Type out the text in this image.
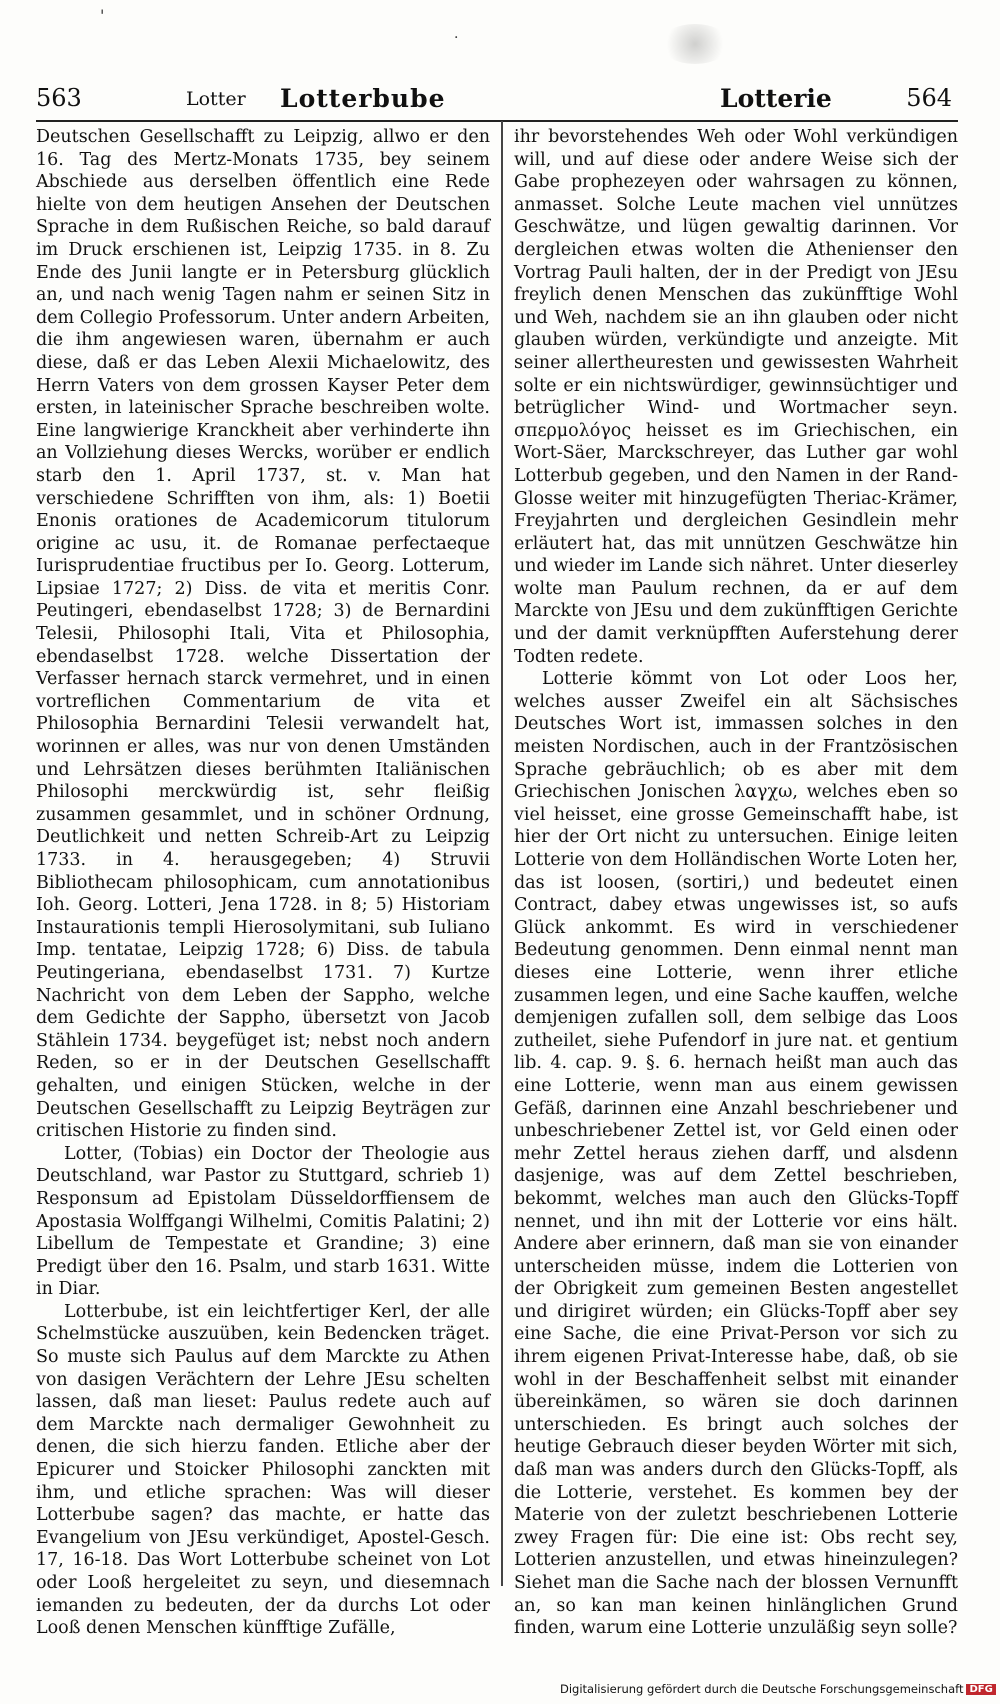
'
·
563	Lotter Lotterbube	Lotterie	564

Deutschen Gesellschafft zu Leipzig, allwo er den 16. Tag des Mertz-Monats 1735, bey seinem Abschiede aus derselben öffentlich eine Rede hielte von dem heutigen Ansehen der Deutschen Sprache in dem Rußischen Reiche, so bald darauf im Druck erschienen ist, Leipzig 1735. in 8. Zu Ende des Junii langte er in Petersburg glücklich an, und nach wenig Tagen nahm er seinen Sitz in dem Collegio Professorum. Unter andern Arbeiten, die ihm angewiesen waren, übernahm er auch diese, daß er das Leben Alexii Michaelowitz, des Herrn Vaters von dem grossen Kayser Peter dem ersten, in lateinischer Sprache beschreiben wolte. Eine langwierige Kranckheit aber verhinderte ihn an Vollziehung dieses Wercks, worüber er endlich starb den 1. April 1737, st. v. Man hat verschiedene Schrifften von ihm, als: 1) Boetii Enonis orationes de Academicorum titulorum origine ac usu, it. de Romanae perfectaeque Iurisprudentiae fructibus per Io. Georg. Lotterum, Lipsiae 1727; 2) Diss. de vita et meritis Conr. Peutingeri, ebendaselbst 1728; 3) de Bernardini Telesii, Philosophi Itali, Vita et Philosophia, ebendaselbst 1728. welche Dissertation der Verfasser hernach starck vermehret, und in einen vortreflichen Commentarium de vita et Philosophia Bernardini Telesii verwandelt hat, worinnen er alles, was nur von denen Umständen und Lehrsätzen dieses berühmten Italiänischen Philosophi merckwürdig ist, sehr fleißig zusammen gesammlet, und in schöner Ordnung, Deutlichkeit und netten Schreib-Art zu Leipzig 1733. in 4. herausgegeben; 4) Struvii Bibliothecam philosophicam, cum annotationibus Ioh. Georg. Lotteri, Jena 1728. in 8; 5) Historiam Instaurationis templi Hierosolymitani, sub Iuliano Imp. tentatae, Leipzig 1728; 6) Diss. de tabula Peutingeriana, ebendaselbst 1731. 7) Kurtze Nachricht von dem Leben der Sappho, welche dem Gedichte der Sappho, übersetzt von Jacob Stählein 1734. beygefüget ist; nebst noch andern Reden, so er in der Deutschen Gesellschafft gehalten, und einigen Stücken, welche in der Deutschen Gesellschafft zu Leipzig Beyträgen zur critischen Historie zu finden sind.

Lotter, (Tobias) ein Doctor der Theologie aus Deutschland, war Pastor zu Stuttgard, schrieb 1) Responsum ad Epistolam Düsseldorffiensem de Apostasia Wolffgangi Wilhelmi, Comitis Palatini; 2) Libellum de Tempestate et Grandine; 3) eine Predigt über den 16. Psalm, und starb 1631. Witte in Diar.

Lotterbube, ist ein leichtfertiger Kerl, der alle Schelmstücke auszuüben, kein Bedencken träget. So muste sich Paulus auf dem Marckte zu Athen von dasigen Verächtern der Lehre JEsu schelten lassen, daß man lieset: Paulus redete auch auf dem Marckte nach dermaliger Gewohnheit zu denen, die sich hierzu fanden. Etliche aber der Epicurer und Stoicker Philosophi zanckten mit ihm, und etliche sprachen: Was will dieser Lotterbube sagen? das machte, er hatte das Evangelium von JEsu verkündiget, Apostel-Gesch. 17, 16-18. Das Wort Lotterbube scheinet von Lot oder Looß hergeleitet zu seyn, und diesemnach iemanden zu bedeuten, der da durchs Lot oder Looß denen Menschen künfftige Zufälle,

ihr bevorstehendes Weh oder Wohl verkündigen will, und auf diese oder andere Weise sich der Gabe prophezeyen oder wahrsagen zu können, anmasset. Solche Leute machen viel unnützes Geschwätze, und lügen gewaltig darinnen. Vor dergleichen etwas wolten die Athenienser den Vortrag Pauli halten, der in der Predigt von JEsu freylich denen Menschen das zukünfftige Wohl und Weh, nachdem sie an ihn glauben oder nicht glauben würden, verkündigte und anzeigte. Mit seiner allertheuresten und gewissesten Wahrheit solte er ein nichtswürdiger, gewinnsüchtiger und betrüglicher Wind- und Wortmacher seyn. σπερμολόγος heisset es im Griechischen, ein Wort-Säer, Marckschreyer, das Luther gar wohl Lotterbub gegeben, und den Namen in der Rand-Glosse weiter mit hinzugefügten Theriac-Krämer, Freyjahrten und dergleichen Gesindlein mehr erläutert hat, das mit unnützen Geschwätze hin und wieder im Lande sich nähret. Unter dieserley wolte man Paulum rechnen, da er auf dem Marckte von JEsu und dem zukünfftigen Gerichte und der damit verknüpfften Auferstehung derer Todten redete.

Lotterie kömmt von Lot oder Loos her, welches ausser Zweifel ein alt Sächsisches Deutsches Wort ist, immassen solches in den meisten Nordischen, auch in der Frantzösischen Sprache gebräuchlich; ob es aber mit dem Griechischen Jonischen λαγχω, welches eben so viel heisset, eine grosse Gemeinschafft habe, ist hier der Ort nicht zu untersuchen. Einige leiten Lotterie von dem Holländischen Worte Loten her, das ist loosen, (sortiri,) und bedeutet einen Contract, dabey etwas ungewisses ist, so aufs Glück ankommt. Es wird in verschiedener Bedeutung genommen. Denn einmal nennt man dieses eine Lotterie, wenn ihrer etliche zusammen legen, und eine Sache kauffen, welche demjenigen zufallen soll, dem selbige das Loos zutheilet, siehe Pufendorf in jure nat. et gentium lib. 4. cap. 9. §. 6. hernach heißt man auch das eine Lotterie, wenn man aus einem gewissen Gefäß, darinnen eine Anzahl beschriebener und unbeschriebener Zettel ist, vor Geld einen oder mehr Zettel heraus ziehen darff, und alsdenn dasjenige, was auf dem Zettel beschrieben, bekommt, welches man auch den Glücks-Topff nennet, und ihn mit der Lotterie vor eins hält. Andere aber erinnern, daß man sie von einander unterscheiden müsse, indem die Lotterien von der Obrigkeit zum gemeinen Besten angestellet und dirigiret würden; ein Glücks-Topff aber sey eine Sache, die eine Privat-Person vor sich zu ihrem eigenen Privat-Interesse habe, daß, ob sie wohl in der Beschaffenheit selbst mit einander übereinkämen, so wären sie doch darinnen unterschieden. Es bringt auch solches der heutige Gebrauch dieser beyden Wörter mit sich, daß man was anders durch den Glücks-Topff, als die Lotterie, verstehet. Es kommen bey der Materie von der zuletzt beschriebenen Lotterie zwey Fragen für: Die eine ist: Obs recht sey, Lotterien anzustellen, und etwas hineinzulegen? Siehet man die Sache nach der blossen Vernunfft an, so kan man keinen hinlänglichen Grund finden, warum eine Lotterie unzuläßig seyn solle?

Digitalisierung gefördert durch die Deutsche Forschungsgemeinschaft DFG
